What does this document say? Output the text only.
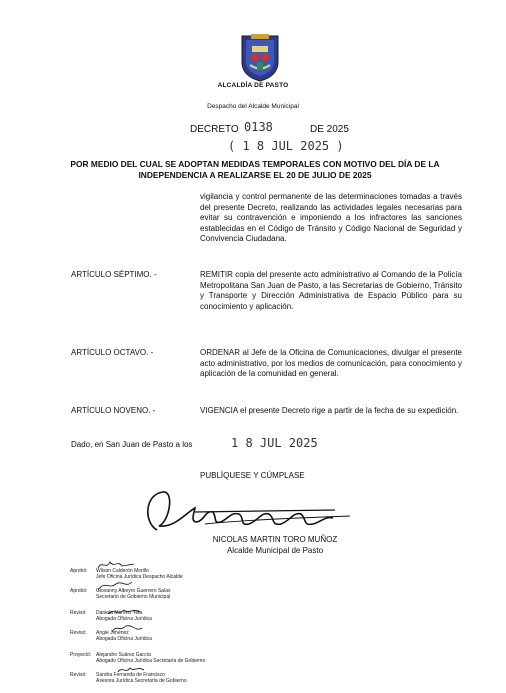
ALCALDÍA DE PASTO
Despacho del Alcalde Municipal
DECRETO 0138	DE 2025
( 1 8 JUL 2025 )
POR MEDIO DEL CUAL SE ADOPTAN MEDIDAS TEMPORALES CON MOTIVO DEL DÍA DE LA INDEPENDENCIA A REALIZARSE EL 20 DE JULIO DE 2025
vigilancia y control permanente de las determinaciones tomadas a través del presente Decreto, realizando las actividades legales necesarias para evitar su contravención e imponiendo a los infractores las sanciones establecidas en el Código de Tránsito y Código Nacional de Seguridad y Convivencia Ciudadana.
ARTÍCULO SÉPTIMO. -	REMITIR copia del presente acto administrativo al Comando de la Policía Metropolitana San Juan de Pasto, a las Secretarias de Gobierno, Tránsito y Transporte y Dirección Administrativa de Espacio Público para su conocimiento y aplicación.
ARTÍCULO OCTAVO. -	ORDENAR al Jefe de la Oficina de Comunicaciones, divulgar el presente acto administrativo, por los medios de comunicación, para conocimiento y aplicación de la comunidad en general.
ARTÍCULO NOVENO. -	VIGENCIA el presente Decreto rige a partir de la fecha de su expedición.
Dado, en San Juan de Pasto a los	1 8 JUL 2025
PUBLÍQUESE Y CÚMPLASE
NICOLAS MARTIN TORO MUÑOZ
Alcalde Municipal de Pasto
Aprobó:	Wilson Calderón Morillo
Jefe Oficina Jurídica Despacho Alcalde
Aprobó:	Giovanny Albeyro Guerrero Salas
Secretario de Gobierno Municipal
Revisó:	Daniela Moreno Yela
Abogada Oficina Jurídica
Revisó:	Angie Jiménez
Abogada Oficina Jurídica
Proyectó: Alejandro Suárez García
Abogado Oficina Jurídica Secretaría de Gobierno
Revisó:	Sandra Fernanda de Francisco
Asesora Jurídica Secretaría de Gobierno
